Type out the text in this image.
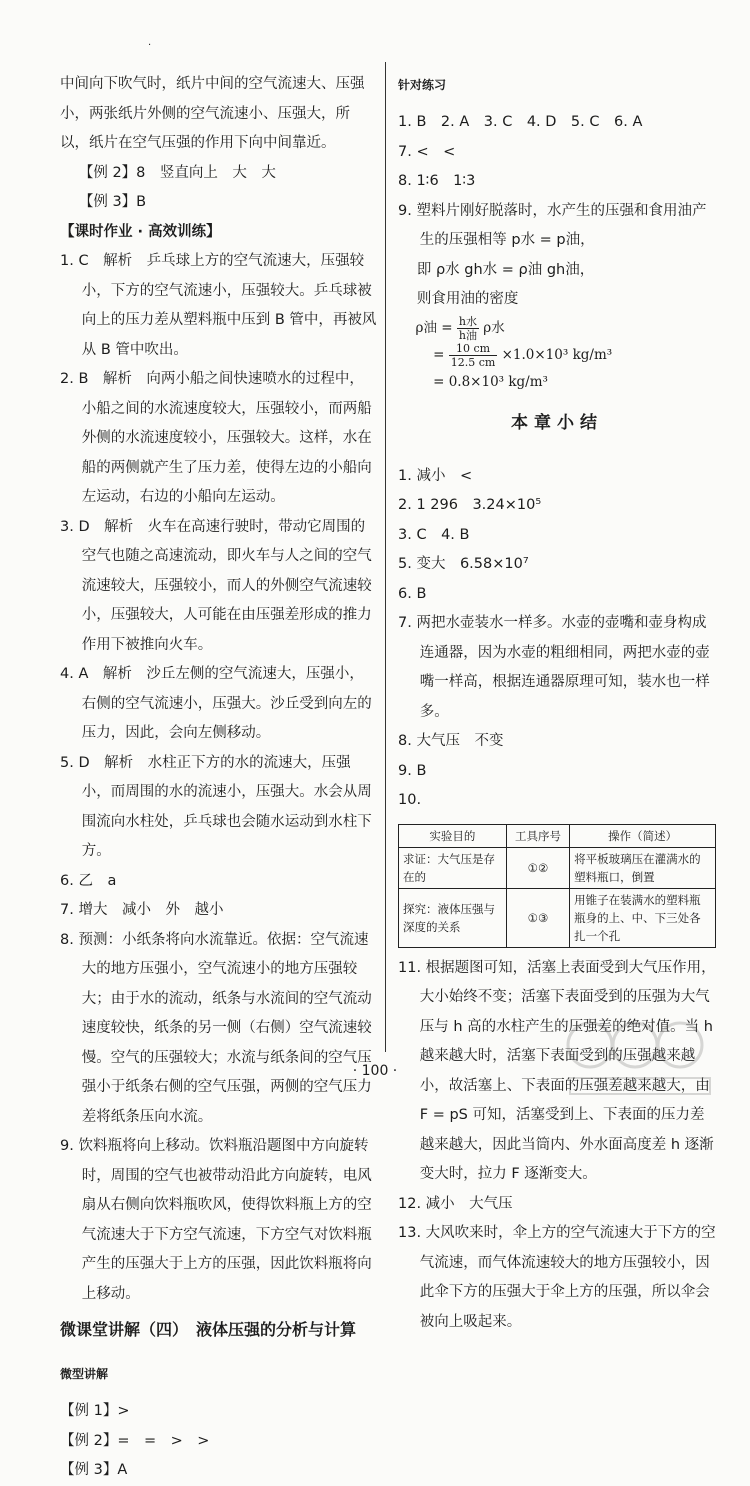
·

中间向下吹气时，纸片中间的空气流速大、压强小，两张纸片外侧的空气流速小、压强大，所以，纸片在空气压强的作用下向中间靠近。

【例 2】8　竖直向上　大　大

【例 3】B

【课时作业 · 高效训练】

1. C　解析　乒乓球上方的空气流速大，压强较小，下方的空气流速小，压强较大。乒乓球被向上的压力差从塑料瓶中压到 B 管中，再被风从 B 管中吹出。

2. B　解析　向两小船之间快速喷水的过程中，小船之间的水流速度较大，压强较小，而两船外侧的水流速度较小，压强较大。这样，水在船的两侧就产生了压力差，使得左边的小船向左运动，右边的小船向左运动。

3. D　解析　火车在高速行驶时，带动它周围的空气也随之高速流动，即火车与人之间的空气流速较大，压强较小，而人的外侧空气流速较小，压强较大，人可能在由压强差形成的推力作用下被推向火车。

4. A　解析　沙丘左侧的空气流速大，压强小，右侧的空气流速小，压强大。沙丘受到向左的压力，因此，会向左侧移动。

5. D　解析　水柱正下方的水的流速大，压强小，而周围的水的流速小，压强大。水会从周围流向水柱处，乒乓球也会随水运动到水柱下方。

6. 乙　a

7. 增大　减小　外　越小

8. 预测：小纸条将向水流靠近。依据：空气流速大的地方压强小，空气流速小的地方压强较大；由于水的流动，纸条与水流间的空气流动速度较快，纸条的另一侧（右侧）空气流速较慢。空气的压强较大；水流与纸条间的空气压强小于纸条右侧的空气压强，两侧的空气压力差将纸条压向水流。

9. 饮料瓶将向上移动。饮料瓶沿题图中方向旋转时，周围的空气也被带动沿此方向旋转，电风扇从右侧向饮料瓶吹风，使得饮料瓶上方的空气流速大于下方空气流速，下方空气对饮料瓶产生的压强大于上方的压强，因此饮料瓶将向上移动。

微课堂讲解（四）　液体压强的分析与计算

微型讲解

【例 1】>

【例 2】=　=　>　>

【例 3】A

针对练习

1. B　2. A　3. C　4. D　5. C　6. A

7. <　<

8. 1∶6　1∶3

9. 塑料片刚好脱落时，水产生的压强和食用油产生的压强相等 p水 = p油，

即 ρ水 gh水 = ρ油 gh油，

则食用油的密度

ρ油 = $\frac{\text{h水}}{\text{h油}}$ ρ水
= $\frac{10 cm}{12.5 cm} \times 1.0\times 10^3$ kg/m³
= 0.8×10³ kg/m³

本章小结

1. 减小　<

2. 1 296　3.24×10⁵

3. C　4. B

5. 变大　6.58×10⁷

6. B

7. 两把水壶装水一样多。水壶的壶嘴和壶身构成连通器，因为水壶的粗细相同，两把水壶的壶嘴一样高，根据连通器原理可知，装水也一样多。

8. 大气压　不变

9. B

10.

实验目的	工具序号	操作（简述）
求证：大气压是存在的	①②	将平板玻璃压在灌满水的塑料瓶口，倒置
探究：液体压强与深度的关系	①③	用锥子在装满水的塑料瓶瓶身的上、中、下三处各扎一个孔

11. 根据题图可知，活塞上表面受到大气压作用，大小始终不变；活塞下表面受到的压强为大气压与 h 高的水柱产生的压强差的绝对值。当 h 越来越大时，活塞下表面受到的压强越来越小，故活塞上、下表面的压强差越来越大，由 F = pS 可知，活塞受到上、下表面的压力差越来越大，因此当筒内、外水面高度差 h 逐渐变大时，拉力 F 逐渐变大。

12. 减小　大气压

13. 大风吹来时，伞上方的空气流速大于下方的空气流速，而气体流速较大的地方压强较小，因此伞下方的压强大于伞上方的压强，所以伞会被向上吸起来。

· 100 ·
